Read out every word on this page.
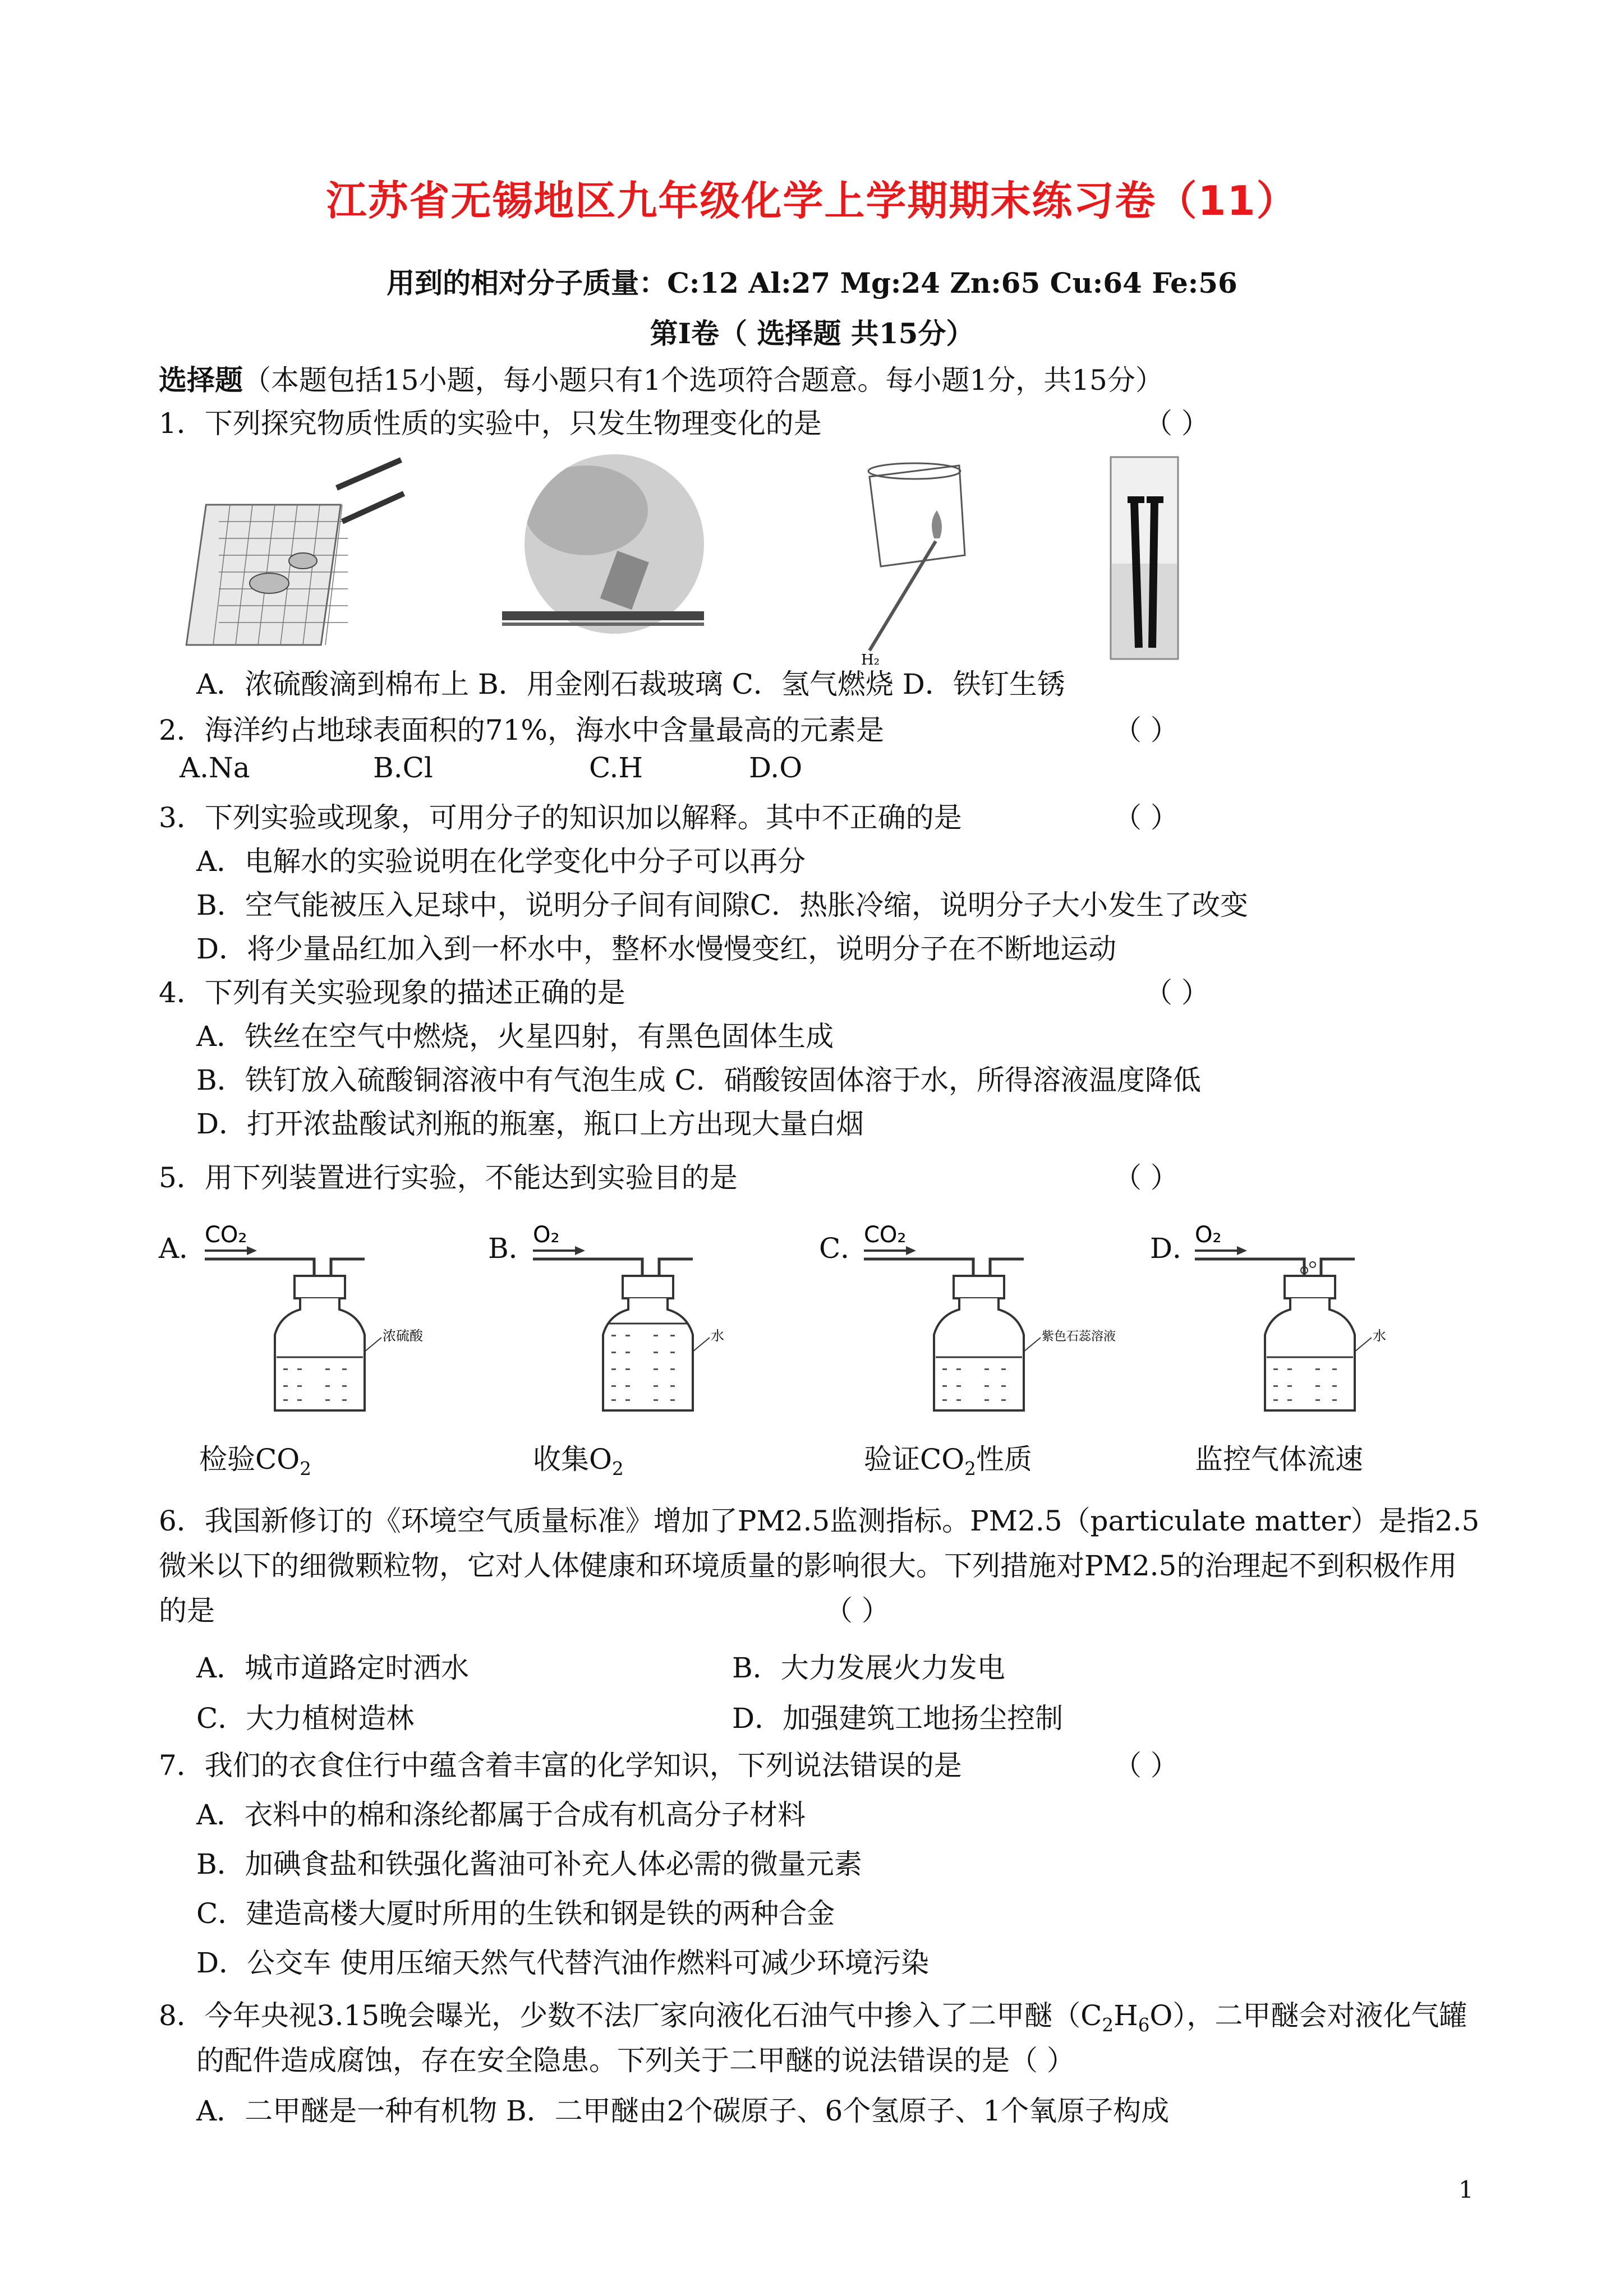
江苏省无锡地区九年级化学上学期期末练习卷（11）
用到的相对分子质量：C:12 Al:27 Mg:24 Zn:65 Cu:64 Fe:56
第Ⅰ卷（ 选择题 共15分）
选择题（本题包括15小题，每小题只有1个选项符合题意。每小题1分，共15分）
1．下列探究物质性质的实验中，只发生物理变化的是	（ ）
H₂
A．浓硫酸滴到棉布上 B．用金刚石裁玻璃 C．氢气燃烧 D．铁钉生锈
2．海洋约占地球表面积的71%，海水中含量最高的元素是	（ ）
A.Na	B.Cl	C.H	D.O
3．下列实验或现象，可用分子的知识加以解释。其中不正确的是	（ ）
A．电解水的实验说明在化学变化中分子可以再分
B．空气能被压入足球中，说明分子间有间隙C．热胀冷缩，说明分子大小发生了改变
D．将少量品红加入到一杯水中，整杯水慢慢变红，说明分子在不断地运动
4．下列有关实验现象的描述正确的是	（ ）
A．铁丝在空气中燃烧，火星四射，有黑色固体生成
B．铁钉放入硫酸铜溶液中有气泡生成 C．硝酸铵固体溶于水，所得溶液温度降低
D．打开浓盐酸试剂瓶的瓶塞，瓶口上方出现大量白烟
5．用下列装置进行实验，不能达到实验目的是	（ ）
A．	B．	C．	D．
CO₂
浓硫酸
O₂
水
CO₂
紫色石蕊溶液
O₂
水
检验$CO_2$	收集$O_2$	验证$CO_2$性质	监控气体流速
6．我国新修订的《环境空气质量标准》增加了PM2.5监测指标。PM2.5（particulate matter）是指2.5
微米以下的细微颗粒物，它对人体健康和环境质量的影响很大。下列措施对PM2.5的治理起不到积极作用
的是	（ ）
A．城市道路定时洒水	B．大力发展火力发电
C．大力植树造林	D．加强建筑工地扬尘控制
7．我们的衣食住行中蕴含着丰富的化学知识，下列说法错误的是	（ ）
A．衣料中的棉和涤纶都属于合成有机高分子材料
B．加碘食盐和铁强化酱油可补充人体必需的微量元素
C．建造高楼大厦时所用的生铁和钢是铁的两种合金
D．公交车 使用压缩天然气代替汽油作燃料可减少环境污染
8．今年央视3.15晚会曝光，少数不法厂家向液化石油气中掺入了二甲醚$(C_2H_6O)$，二甲醚会对液化气罐
的配件造成腐蚀，存在安全隐患。下列关于二甲醚的说法错误的是（ ）
A．二甲醚是一种有机物 B．二甲醚由2个碳原子、6个氢原子、1个氧原子构成
1
